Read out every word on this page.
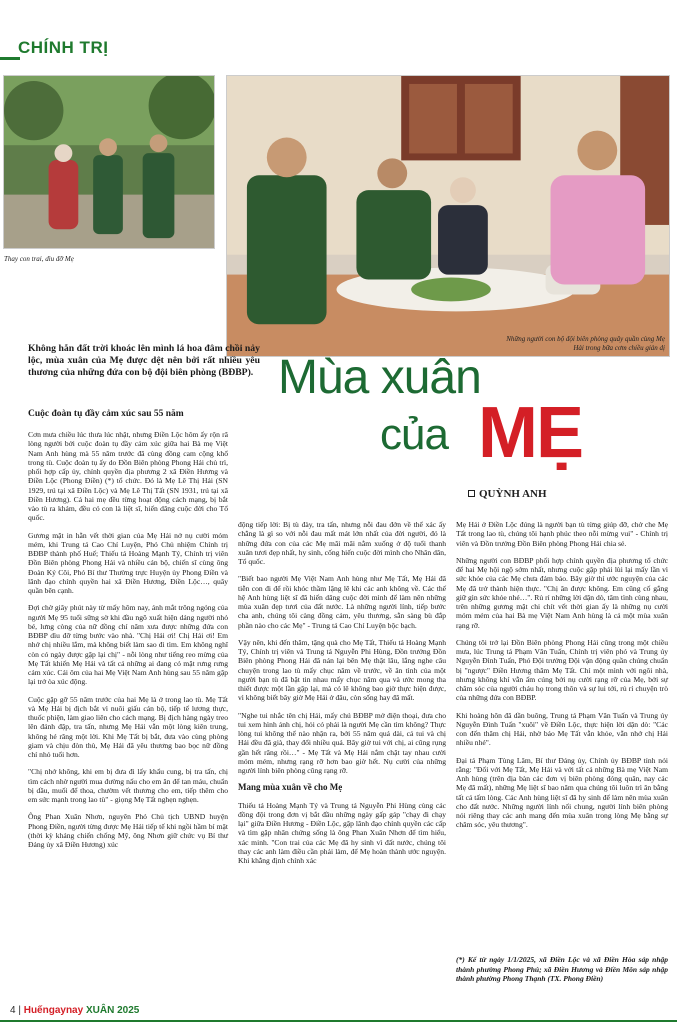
CHÍNH TRỊ
Thay con trai, dìu đỡ Mẹ
Những người con bộ đội biên phòng quây quần cùng Mẹ Hải trong bữa cơm chiều giản dị
Mùa xuân
của MẸ
QUỲNH ANH
Không hẳn đất trời khoác lên mình lá hoa đâm chồi nảy lộc, mùa xuân của Mẹ được dệt nên bởi rất nhiều yêu thương của những đứa con bộ đội biên phòng (BĐBP).
Cuộc đoàn tụ đầy cảm xúc sau 55 năm

Cơn mưa chiều lúc thưa lúc nhặt, nhưng Điền Lộc hôm ấy rộn rã lòng người bởi cuộc đoàn tụ đầy cảm xúc giữa hai Bà mẹ Việt Nam Anh hùng mà 55 năm trước đã cùng đồng cam cộng khổ trong tù. Cuộc đoàn tụ ấy do Đồn Biên phòng Phong Hải chủ trì, phối hợp cấp ủy, chính quyền địa phương 2 xã Điền Hương và Điền Lộc (Phong Điền) (*) tổ chức. Đó là Mẹ Lê Thị Hải (SN 1929, trú tại xã Điền Lộc) và Mẹ Lê Thị Tất (SN 1931, trú tại xã Điền Hương). Cả hai mẹ đều từng hoạt động cách mạng, bị bắt vào tù ra khám, đều có con là liệt sĩ, hiến dâng cuộc đời cho Tổ quốc.

Gương mặt in hằn vết thời gian của Mẹ Hải nở nụ cười móm mém, khi Trung tá Cao Chí Luyện, Phó Chủ nhiệm Chính trị BĐBP thành phố Huế; Thiếu tá Hoàng Mạnh Tý, Chính trị viên Đồn Biên phòng Phong Hải và nhiều cán bộ, chiến sĩ cùng ông Đoàn Ký Côi, Phó Bí thư Thường trực Huyện ủy Phong Điền và lãnh đạo chính quyền hai xã Điền Hương, Điền Lộc…, quây quần bên cạnh.

Đợi chờ giây phút này từ mấy hôm nay, ánh mắt trông ngóng của người Mẹ 95 tuổi sững sờ khi đầu ngõ xuất hiện dáng người nhỏ bé, lưng còng của nữ đồng chí năm xưa được những đứa con BĐBP dìu đỡ từng bước vào nhà. "Chị Hải ơi! Chị Hải ơi! Em nhớ chị nhiều lắm, mà không biết làm sao đi tìm. Em không nghĩ còn có ngày được gặp lại chị" - nỗi lòng như tiếng reo mừng của Mẹ Tất khiến Mẹ Hải và tất cả những ai đang có mặt rưng rưng cảm xúc. Cái ôm của hai Mẹ Việt Nam Anh hùng sau 55 năm gặp lại trở òa xúc động.

Cuộc gặp gỡ 55 năm trước của hai Mẹ là ở trong lao tù. Mẹ Tất và Mẹ Hải bị địch bắt vì nuôi giấu cán bộ, tiếp tế lương thực, thuốc phiện, làm giao liên cho cách mạng. Bị địch hàng ngày treo lên đánh đập, tra tấn, nhưng Mẹ Hải vẫn một lòng kiên trung, không hé răng một lời. Khi Mẹ Tất bị bắt, đưa vào cùng phòng giam và chịu đòn thù, Mẹ Hải đã yêu thương bao bọc nữ đồng chí nhỏ tuổi hơn.

"Chị nhớ không, khi em bị đưa đi lấy khẩu cung, bị tra tấn, chị tìm cách nhờ người mua đường nấu cho em ăn để tan máu, chuẩn bị dầu, muối để thoa, chườm vết thương cho em, tiếp thêm cho em sức mạnh trong lao tù" - giọng Mẹ Tất nghẹn nghẹn.

Ông Phan Xuân Nhơn, nguyên Phó Chủ tịch UBND huyện Phong Điền, người từng được Mẹ Hải tiếp tế khi ngồi hầm bí mật (thời kỳ kháng chiến chống Mỹ, ông Nhơn giữ chức vụ Bí thư Đảng ủy xã Điền Hương) xúc

động tiếp lời: Bị tù đày, tra tấn, nhưng nỗi đau đớn về thể xác ấy chẳng là gì so với nỗi đau mất mát lớn nhất của đời người, đó là những đứa con của các Mẹ mãi mãi nằm xuống ở độ tuổi thanh xuân tươi đẹp nhất, hy sinh, cống hiến cuộc đời mình cho Nhân dân, Tổ quốc.

"Biết bao người Mẹ Việt Nam Anh hùng như Mẹ Tất, Mẹ Hải đã tiễn con đi để rồi khóc thầm lặng lẽ khi các anh không về. Các thế hệ Anh hùng liệt sĩ đã hiến dâng cuộc đời mình để làm nên những mùa xuân đẹp tươi của đất nước. Là những người lính, tiếp bước cha anh, chúng tôi càng đồng cảm, yêu thương, sẵn sàng bù đắp phần nào cho các Mẹ" - Trung tá Cao Chí Luyện bộc bạch.

Vậy nên, khi đến thăm, tặng quà cho Mẹ Tất, Thiếu tá Hoàng Mạnh Tý, Chính trị viên và Trung tá Nguyễn Phi Hùng, Đồn trưởng Đồn Biên phòng Phong Hải đã nán lại bên Mẹ thật lâu, lắng nghe câu chuyện trong lao tù mấy chục năm về trước, về ân tình của một người bạn tù đã bặt tin nhau mấy chục năm qua và ước mong tha thiết được một lần gặp lại, mà có lẽ không bao giờ thực hiện được, vì không biết bây giờ Mẹ Hải ở đâu, còn sống hay đã mất.

"Nghe tui nhắc tên chị Hải, mấy chú BĐBP mở điện thoại, đưa cho tui xem hình ảnh chị, hỏi có phải là người Mẹ cần tìm không? Thực lòng tui không thể nào nhận ra, bởi 55 năm quá dài, cả tui và chị Hải đều đã già, thay đổi nhiều quá. Bây giờ tui với chị, ai cũng rụng gần hết răng rồi…" - Mẹ Tất và Mẹ Hải nắm chặt tay nhau cười móm mém, nhưng rạng rỡ hơn bao giờ hết. Nụ cười của những người lính biên phòng cũng rạng rỡ.

Mang mùa xuân về cho Mẹ

Thiếu tá Hoàng Mạnh Tý và Trung tá Nguyễn Phi Hùng cùng các đồng đội trong đơn vị bắt đầu những ngày gấp gáp "chạy đi chạy lại" giữa Điền Hương - Điền Lộc, gặp lãnh đạo chính quyền các cấp và tìm gặp nhân chứng sống là ông Phan Xuân Nhơn để tìm hiểu, xác minh. "Con trai của các Mẹ đã hy sinh vì đất nước, chúng tôi thay các anh làm điều cần phải làm, để Mẹ hoàn thành ước nguyện. Khi khẳng định chính xác

Mẹ Hải ở Điền Lộc đúng là người bạn tù từng giúp đỡ, chở che Mẹ Tất trong lao tù, chúng tôi hạnh phúc theo nỗi mừng vui" - Chính trị viên và Đồn trưởng Đồn Biên phòng Phong Hải chia sẻ.

Những người con BĐBP phối hợp chính quyền địa phương tổ chức để hai Mẹ hội ngộ sớm nhất, nhưng cuộc gặp phải lùi lại mấy lần vì sức khỏe của các Mẹ chưa đảm bảo. Bây giờ thì ước nguyện của các Mẹ đã trở thành hiện thực. "Chị ăn được không. Em cũng cố gắng giữ gìn sức khỏe nhé…". Rủ rỉ những lời dặn dò, tâm tình cùng nhau, trên những gương mặt chi chít vết thời gian ấy là những nụ cười móm mém của hai Bà mẹ Việt Nam Anh hùng là cả một mùa xuân rạng rỡ.

Chúng tôi trở lại Đồn Biên phòng Phong Hải cũng trong một chiều mưa, lúc Trung tá Phạm Văn Tuấn, Chính trị viên phó và Trung úy Nguyễn Đình Tuấn, Phó Đội trưởng Đội vận động quần chúng chuẩn bị "ngược" Điền Hương thăm Mẹ Tất. Chỉ một mình với ngôi nhà, nhưng không khí vẫn ấm cúng bởi nụ cười rạng rỡ của Mẹ, bởi sự chăm sóc của người cháu họ trong thôn và sự lui tới, rủ rỉ chuyện trò của những đứa con BĐBP.

Khi hoàng hôn đã dần buông, Trung tá Phạm Văn Tuấn và Trung úy Nguyễn Đình Tuấn "xuôi" về Điền Lộc, thực hiện lời dặn dò: "Các con đến thăm chị Hải, nhờ báo Mẹ Tất vẫn khỏe, vẫn nhớ chị Hải nhiều nhé".

Đại tá Phạm Tùng Lâm, Bí thư Đảng ủy, Chính ủy BĐBP tỉnh nói rằng: "Đối với Mẹ Tất, Mẹ Hải và với tất cả những Bà mẹ Việt Nam Anh hùng (trên địa bàn các đơn vị biên phòng đóng quân, nay các Mẹ đã mất), những Mẹ liệt sĩ bao năm qua chúng tôi luôn trì ân bằng tất cả tấm lòng. Các Anh hùng liệt sĩ đã hy sinh để làm nên mùa xuân cho đất nước. Những người lính nối chung, người lính biên phòng nói riêng thay các anh mang đến mùa xuân trong lòng Mẹ bằng sự chăm sóc, yêu thương".

(*) Kể từ ngày 1/1/2025, xã Điền Lộc và xã Điền Hòa sáp nhập thành phường Phong Phú; xã Điền Hương và Điền Môn sáp nhập thành phường Phong Thạnh (TX. Phong Điền)
4 | Huếngaynay XUÂN 2025
